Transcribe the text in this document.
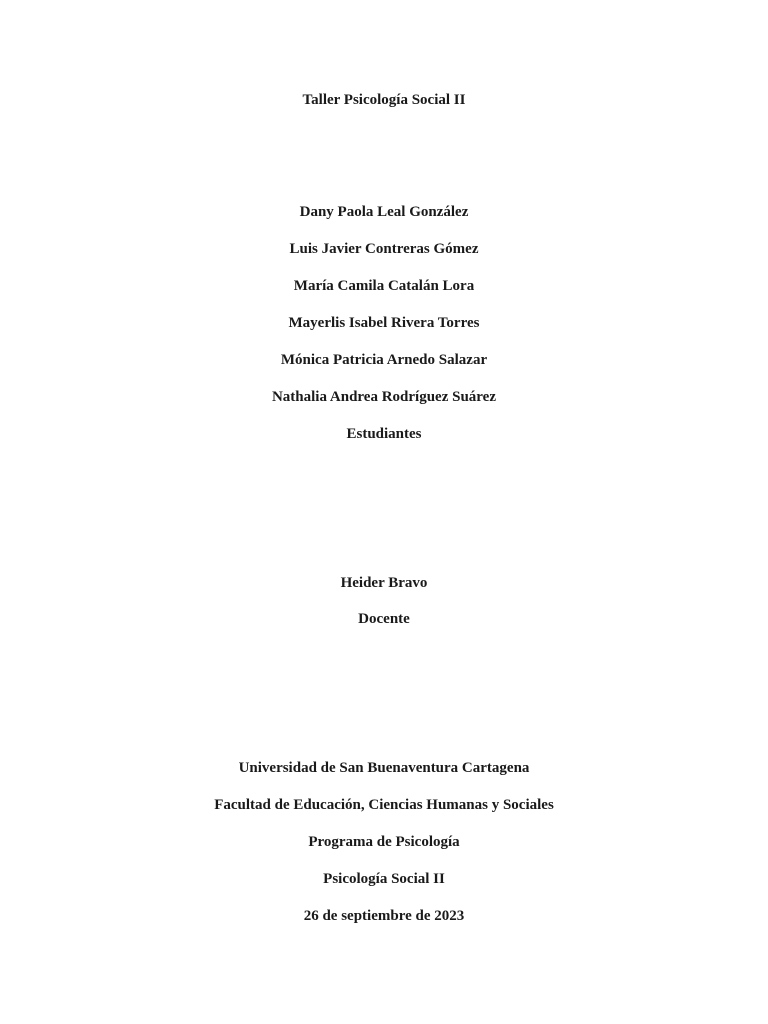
Taller Psicología Social II
Dany Paola Leal González
Luis Javier Contreras Gómez
María Camila Catalán Lora
Mayerlis Isabel Rivera Torres
Mónica Patricia Arnedo Salazar
Nathalia Andrea Rodríguez Suárez
Estudiantes
Heider Bravo
Docente
Universidad de San Buenaventura Cartagena
Facultad de Educación, Ciencias Humanas y Sociales
Programa de Psicología
Psicología Social II
26 de septiembre de 2023
